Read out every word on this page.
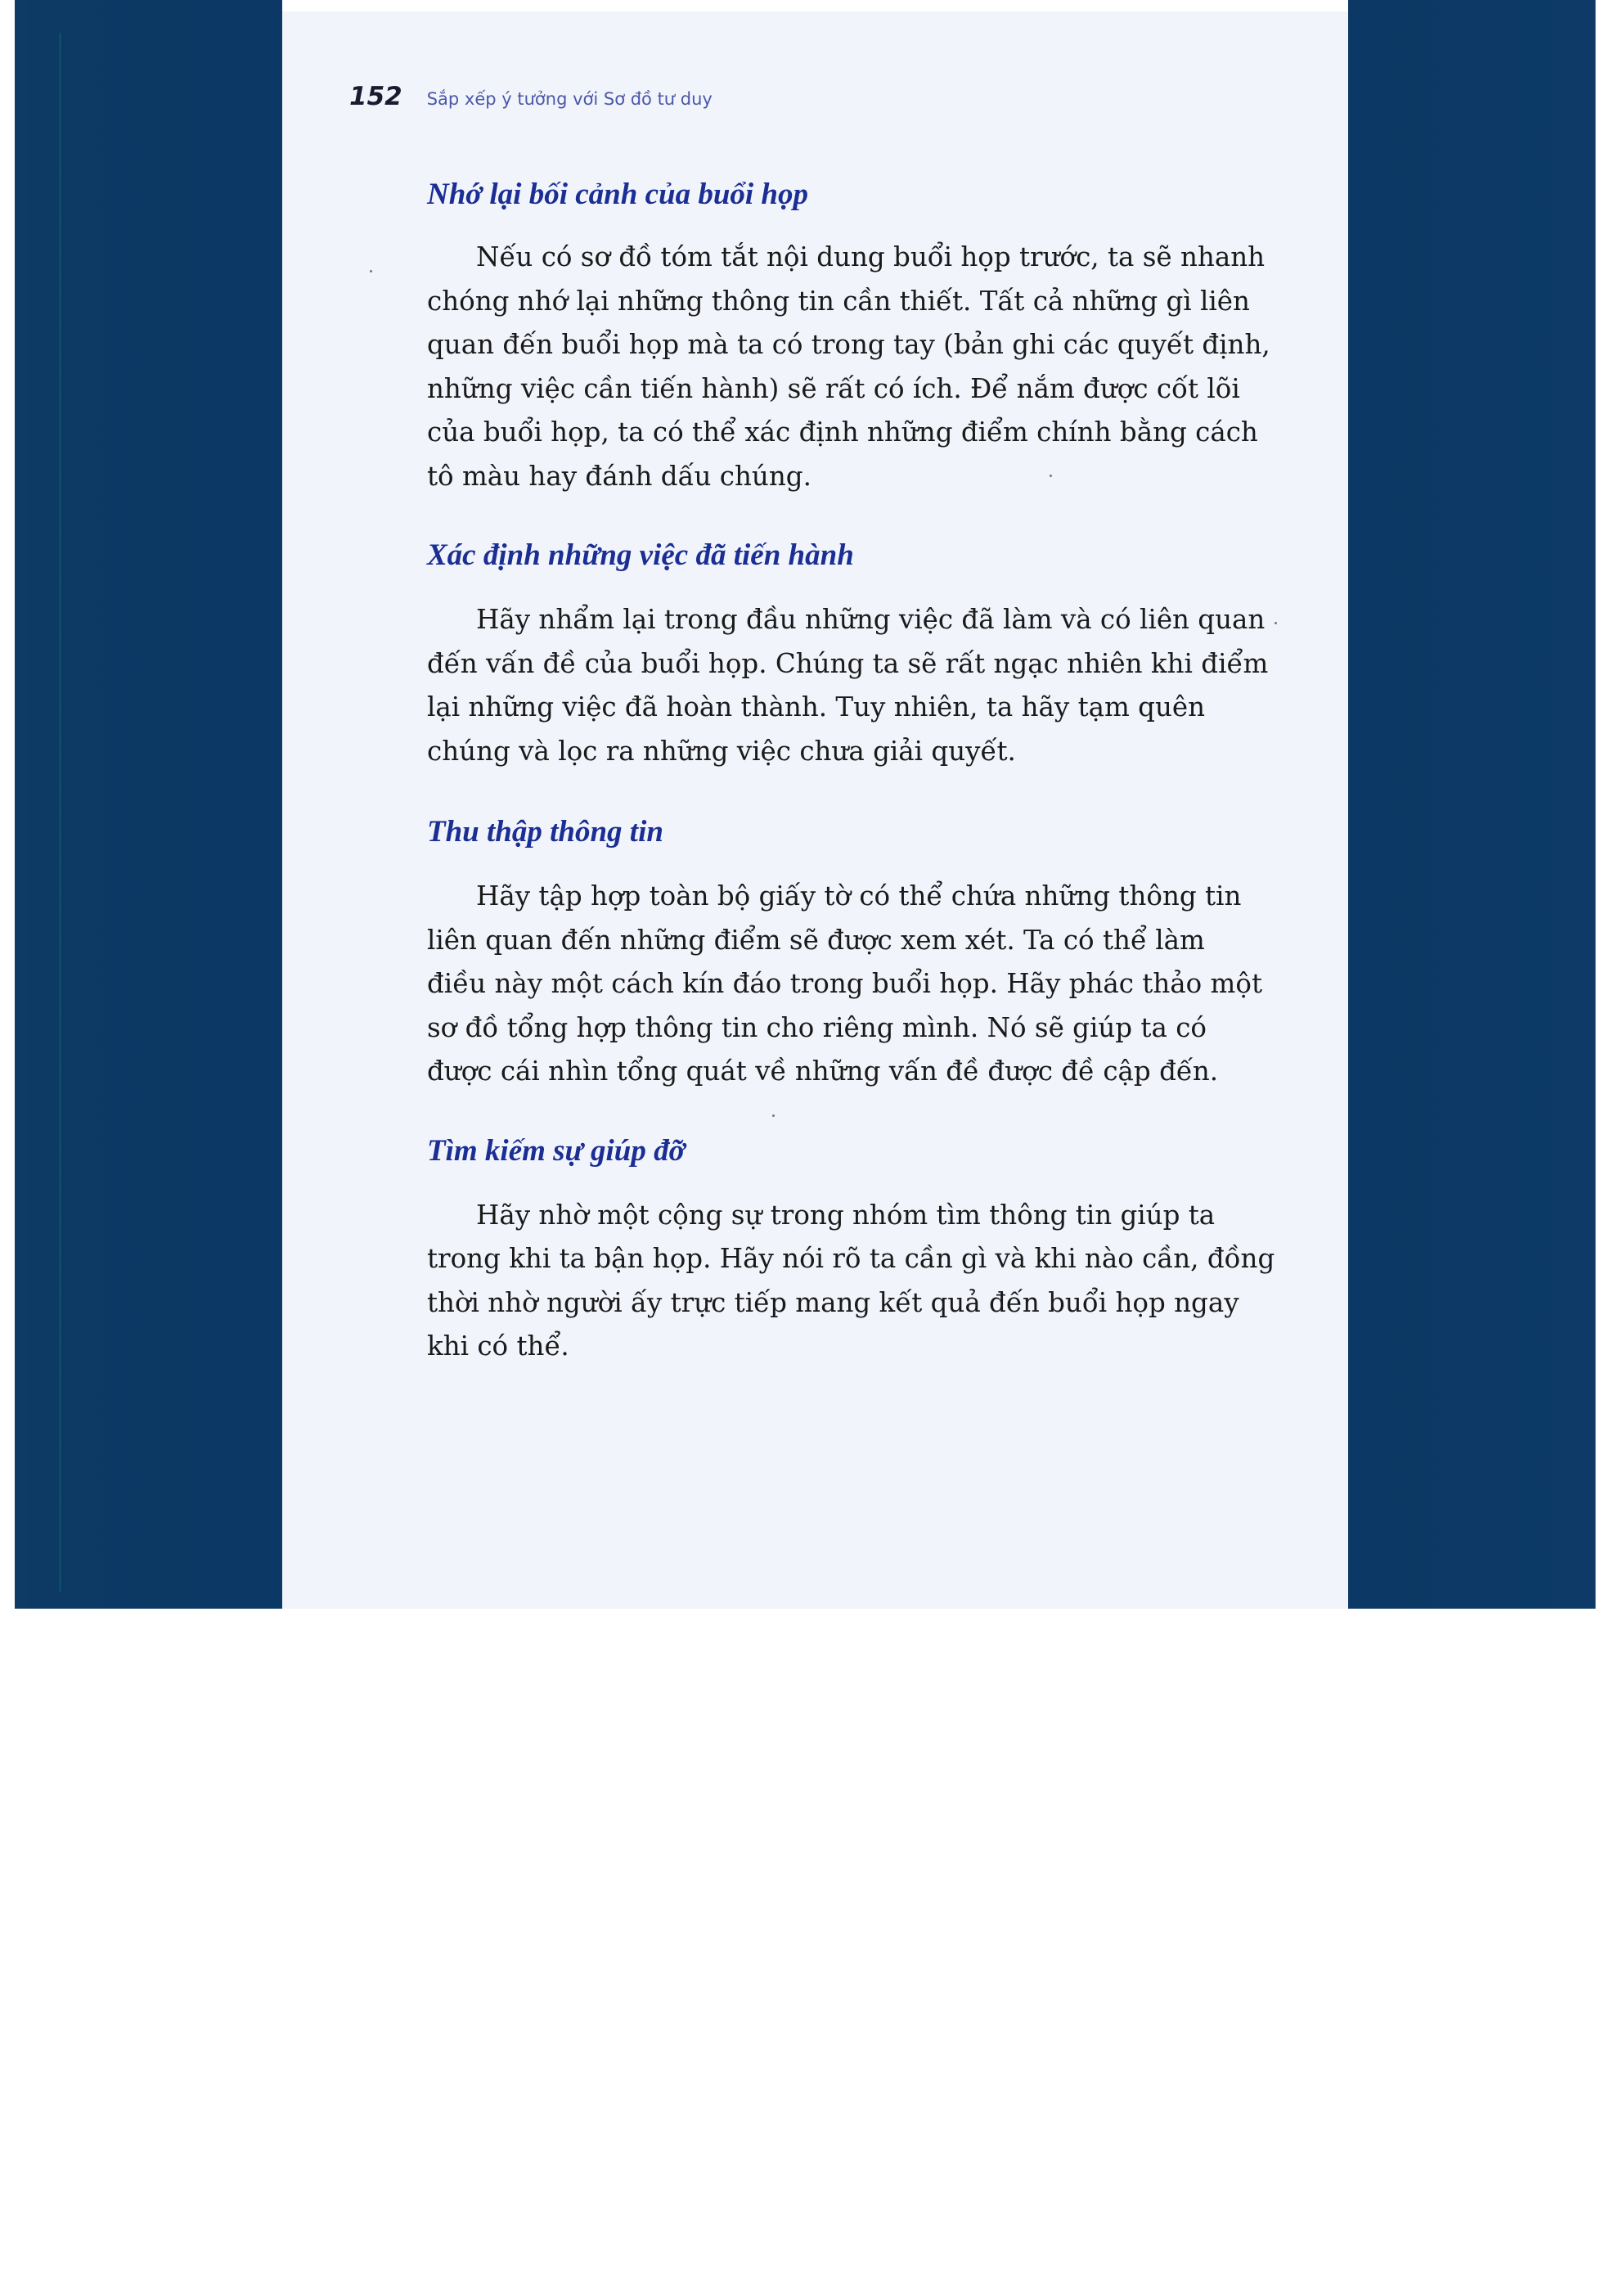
152 Sắp xếp ý tưởng với Sơ đồ tư duy
Nhớ lại bối cảnh của buổi họp

Nếu có sơ đồ tóm tắt nội dung buổi họp trước, ta sẽ nhanh
chóng nhớ lại những thông tin cần thiết. Tất cả những gì liên
quan đến buổi họp mà ta có trong tay (bản ghi các quyết định,
những việc cần tiến hành) sẽ rất có ích. Để nắm được cốt lõi
của buổi họp, ta có thể xác định những điểm chính bằng cách
tô màu hay đánh dấu chúng.

Xác định những việc đã tiến hành

Hãy nhẩm lại trong đầu những việc đã làm và có liên quan
đến vấn đề của buổi họp. Chúng ta sẽ rất ngạc nhiên khi điểm
lại những việc đã hoàn thành. Tuy nhiên, ta hãy tạm quên
chúng và lọc ra những việc chưa giải quyết.

Thu thập thông tin

Hãy tập hợp toàn bộ giấy tờ có thể chứa những thông tin
liên quan đến những điểm sẽ được xem xét. Ta có thể làm
điều này một cách kín đáo trong buổi họp. Hãy phác thảo một
sơ đồ tổng hợp thông tin cho riêng mình. Nó sẽ giúp ta có
được cái nhìn tổng quát về những vấn đề được đề cập đến.

Tìm kiếm sự giúp đỡ

Hãy nhờ một cộng sự trong nhóm tìm thông tin giúp ta
trong khi ta bận họp. Hãy nói rõ ta cần gì và khi nào cần, đồng
thời nhờ người ấy trực tiếp mang kết quả đến buổi họp ngay
khi có thể.
